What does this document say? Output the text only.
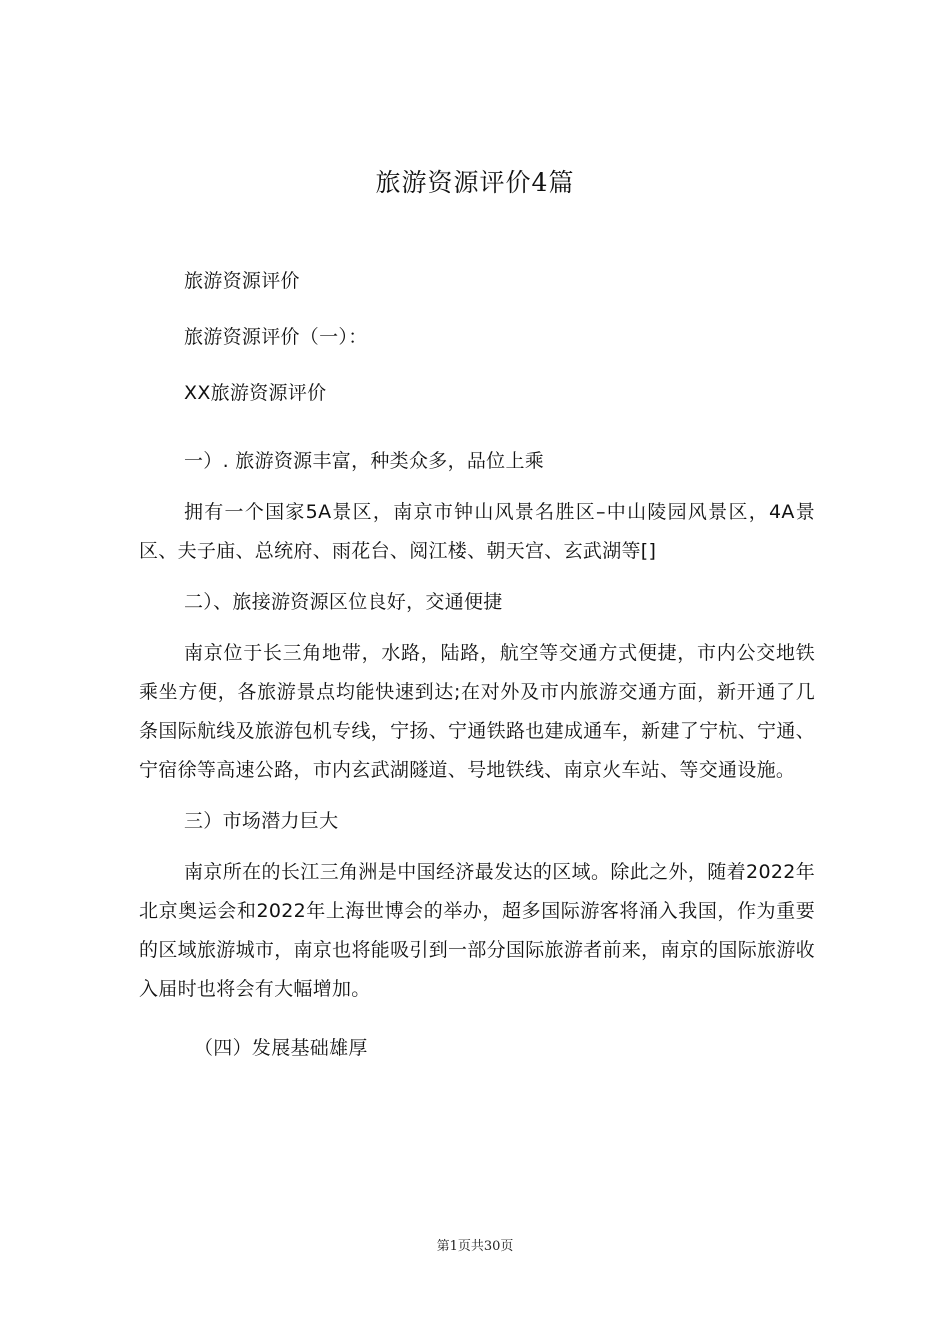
旅游资源评价4篇

旅游资源评价

旅游资源评价（一）：

XX旅游资源评价

一）. 旅游资源丰富，种类众多，品位上乘

拥有一个国家5A景区，南京市钟山风景名胜区–中山陵园风景区，4A景区、夫子庙、总统府、雨花台、阅江楼、朝天宫、玄武湖等[]

二）、旅接游资源区位良好，交通便捷

南京位于长三角地带，水路，陆路，航空等交通方式便捷，市内公交地铁乘坐方便，各旅游景点均能快速到达;在对外及市内旅游交通方面，新开通了几条国际航线及旅游包机专线，宁扬、宁通铁路也建成通车，新建了宁杭、宁通、宁宿徐等高速公路，市内玄武湖隧道、号地铁线、南京火车站、等交通设施。

三）市场潜力巨大

南京所在的长江三角洲是中国经济最发达的区域。除此之外，随着2022年北京奥运会和2022年上海世博会的举办，超多国际游客将涌入我国，作为重要的区域旅游城市，南京也将能吸引到一部分国际旅游者前来，南京的国际旅游收入届时也将会有大幅增加。

（四）发展基础雄厚

第1页共30页
